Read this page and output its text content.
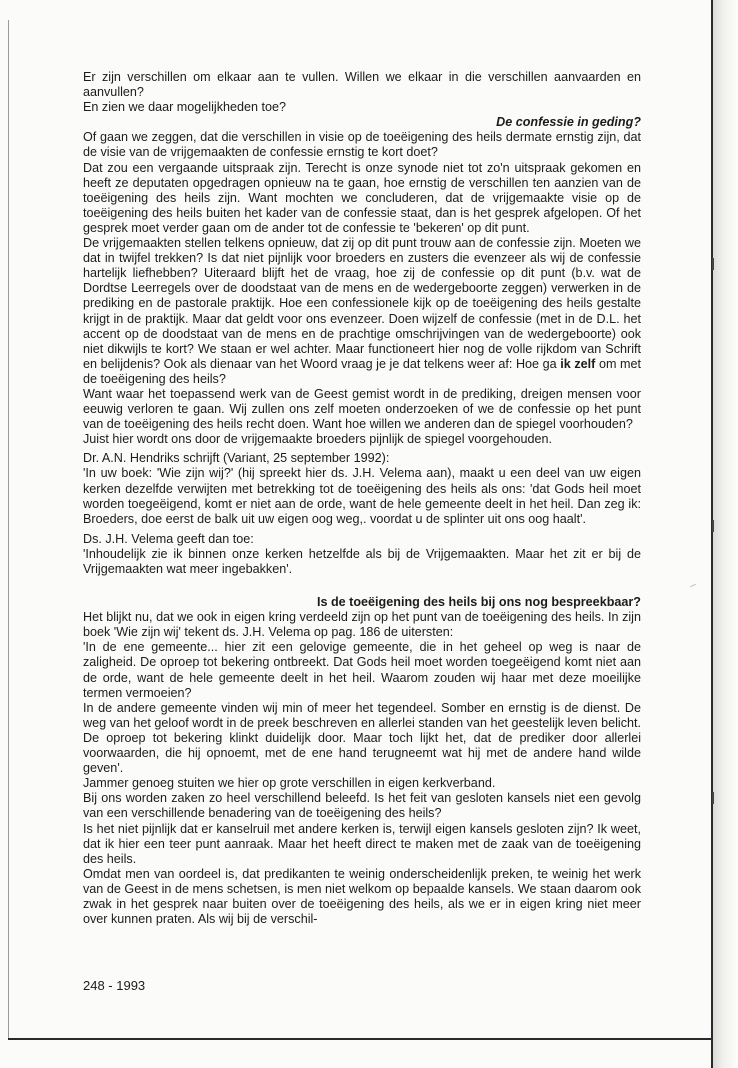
Er zijn verschillen om elkaar aan te vullen. Willen we elkaar in die verschillen aanvaarden en aanvullen?

En zien we daar mogelijkheden toe?

De confessie in geding?

Of gaan we zeggen, dat die verschillen in visie op de toeëigening des heils dermate ernstig zijn, dat de visie van de vrijgemaakten de confessie ernstig te kort doet?

Dat zou een vergaande uitspraak zijn. Terecht is onze synode niet tot zo'n uitspraak gekomen en heeft ze deputaten opgedragen opnieuw na te gaan, hoe ernstig de verschillen ten aanzien van de toeëigening des heils zijn. Want mochten we concluderen, dat de vrijgemaakte visie op de toeëigening des heils buiten het kader van de confessie staat, dan is het gesprek afgelopen. Of het gesprek moet verder gaan om de ander tot de confessie te 'bekeren' op dit punt.

De vrijgemaakten stellen telkens opnieuw, dat zij op dit punt trouw aan de confessie zijn. Moeten we dat in twijfel trekken? Is dat niet pijnlijk voor broeders en zusters die evenzeer als wij de confessie hartelijk liefhebben? Uiteraard blijft het de vraag, hoe zij de confessie op dit punt (b.v. wat de Dordtse Leerregels over de doodstaat van de mens en de wedergeboorte zeggen) verwerken in de prediking en de pastorale praktijk. Hoe een confessionele kijk op de toeëigening des heils gestalte krijgt in de praktijk. Maar dat geldt voor ons evenzeer. Doen wijzelf de confessie (met in de D.L. het accent op de doodstaat van de mens en de prachtige omschrijvingen van de wedergeboorte) ook niet dikwijls te kort? We staan er wel achter. Maar functioneert hier nog de volle rijkdom van Schrift en belijdenis? Ook als dienaar van het Woord vraag je je dat telkens weer af: Hoe ga ik zelf om met de toeëigening des heils?

Want waar het toepassend werk van de Geest gemist wordt in de prediking, dreigen mensen voor eeuwig verloren te gaan. Wij zullen ons zelf moeten onderzoeken of we de confessie op het punt van de toeëigening des heils recht doen. Want hoe willen we anderen dan de spiegel voorhouden?

Juist hier wordt ons door de vrijgemaakte broeders pijnlijk de spiegel voorgehouden.

Dr. A.N. Hendriks schrijft (Variant, 25 september 1992):

'In uw boek: 'Wie zijn wij?' (hij spreekt hier ds. J.H. Velema aan), maakt u een deel van uw eigen kerken dezelfde verwijten met betrekking tot de toeëigening des heils als ons: 'dat Gods heil moet worden toegeëigend, komt er niet aan de orde, want de hele gemeente deelt in het heil. Dan zeg ik: Broeders, doe eerst de balk uit uw eigen oog weg,. voordat u de splinter uit ons oog haalt'.

Ds. J.H. Velema geeft dan toe:

'Inhoudelijk zie ik binnen onze kerken hetzelfde als bij de Vrijgemaakten. Maar het zit er bij de Vrijgemaakten wat meer ingebakken'.

Is de toeëigening des heils bij ons nog bespreekbaar?

Het blijkt nu, dat we ook in eigen kring verdeeld zijn op het punt van de toeëigening des heils. In zijn boek 'Wie zijn wij' tekent ds. J.H. Velema op pag. 186 de uitersten:

'In de ene gemeente... hier zit een gelovige gemeente, die in het geheel op weg is naar de zaligheid. De oproep tot bekering ontbreekt. Dat Gods heil moet worden toegeëigend komt niet aan de orde, want de hele gemeente deelt in het heil. Waarom zouden wij haar met deze moeilijke termen vermoeien?

In de andere gemeente vinden wij min of meer het tegendeel. Somber en ernstig is de dienst. De weg van het geloof wordt in de preek beschreven en allerlei standen van het geestelijk leven belicht. De oproep tot bekering klinkt duidelijk door. Maar toch lijkt het, dat de prediker door allerlei voorwaarden, die hij opnoemt, met de ene hand terugneemt wat hij met de andere hand wilde geven'.

Jammer genoeg stuiten we hier op grote verschillen in eigen kerkverband.

Bij ons worden zaken zo heel verschillend beleefd. Is het feit van gesloten kansels niet een gevolg van een verschillende benadering van de toeëigening des heils?

Is het niet pijnlijk dat er kanselruil met andere kerken is, terwijl eigen kansels gesloten zijn? Ik weet, dat ik hier een teer punt aanraak. Maar het heeft direct te maken met de zaak van de toeëigening des heils.

Omdat men van oordeel is, dat predikanten te weinig onderscheidenlijk preken, te weinig het werk van de Geest in de mens schetsen, is men niet welkom op bepaalde kansels. We staan daarom ook zwak in het gesprek naar buiten over de toeëigening des heils, als we er in eigen kring niet meer over kunnen praten. Als wij bij de verschil-

248 - 1993
